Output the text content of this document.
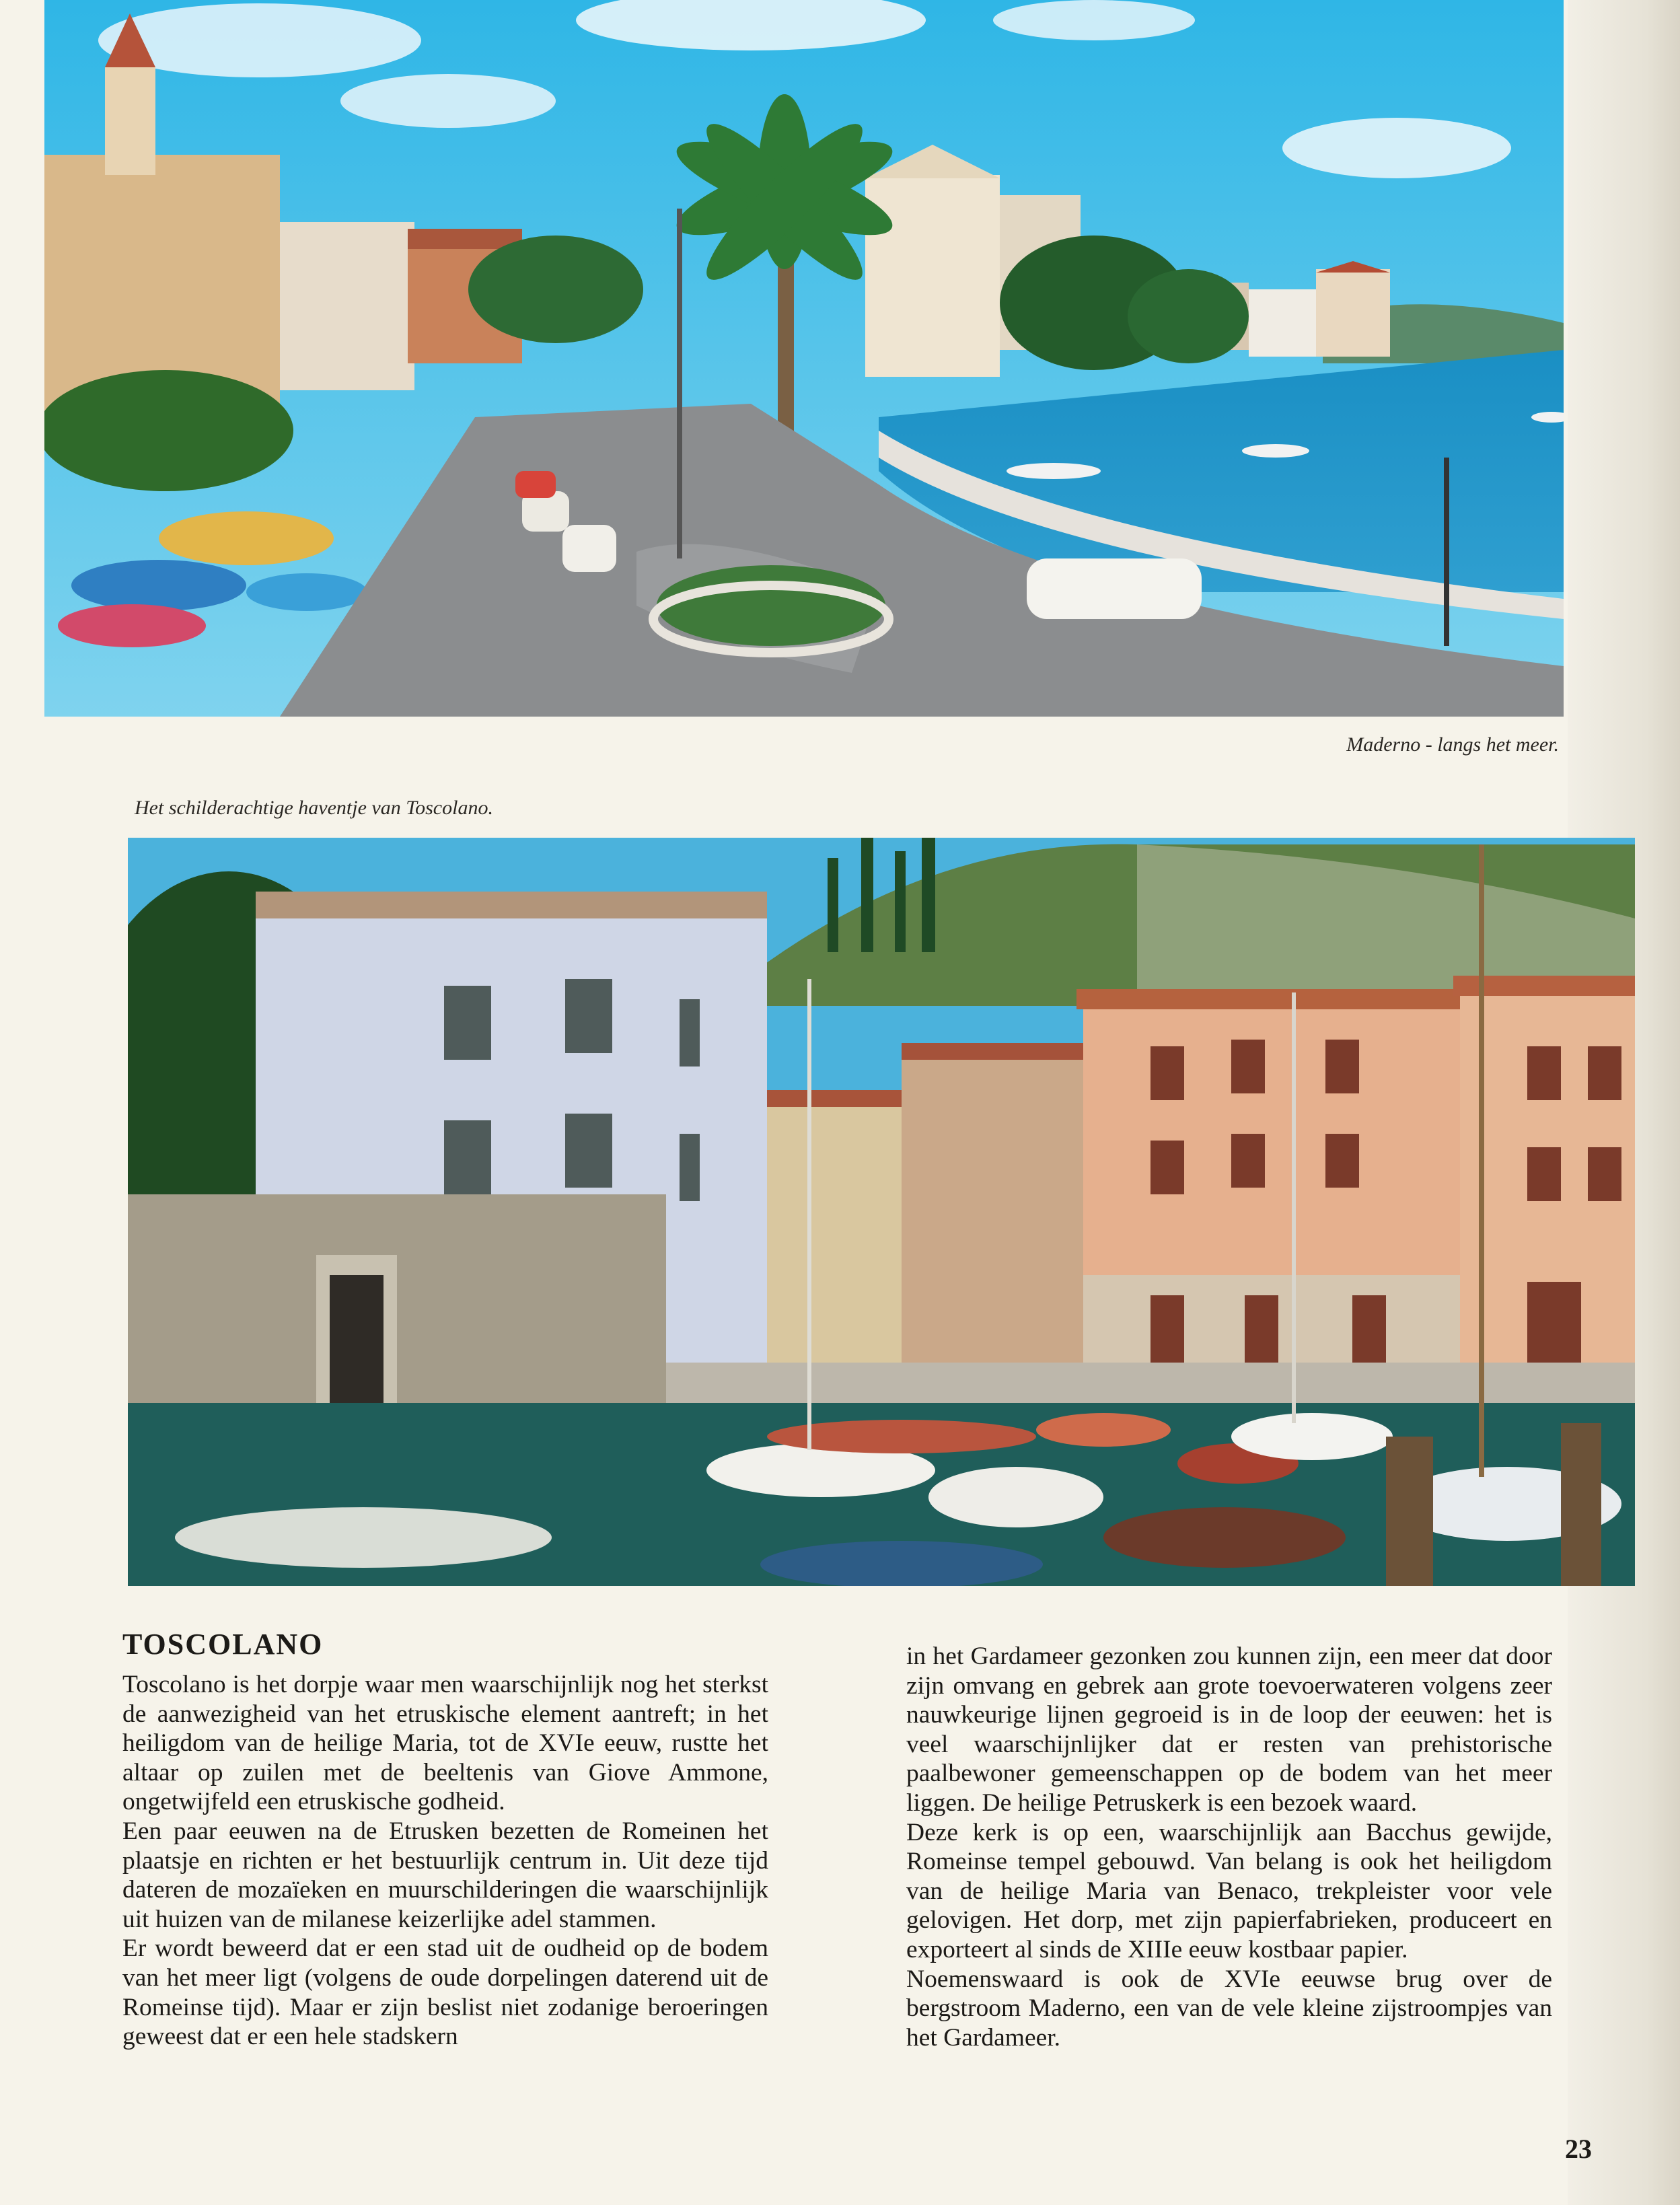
Maderno - langs het meer.
Het schilderachtige haventje van Toscolano.
TOSCOLANO

Toscolano is het dorpje waar men waarschijnlijk nog het sterkst de aanwezigheid van het etruskische element aantreft; in het heiligdom van de heilige Maria, tot de XVIe eeuw, rustte het altaar op zuilen met de beeltenis van Giove Ammone, ongetwijfeld een etruskische godheid.

Een paar eeuwen na de Etrusken bezetten de Romeinen het plaatsje en richten er het bestuurlijk centrum in. Uit deze tijd dateren de mozaïeken en muurschilderingen die waarschijnlijk uit huizen van de milanese keizerlijke adel stammen.

Er wordt beweerd dat er een stad uit de oudheid op de bodem van het meer ligt (volgens de oude dorpelingen daterend uit de Romeinse tijd). Maar er zijn beslist niet zodanige beroeringen geweest dat er een hele stadskern

in het Gardameer gezonken zou kunnen zijn, een meer dat door zijn omvang en gebrek aan grote toevoerwateren volgens zeer nauwkeurige lijnen gegroeid is in de loop der eeuwen: het is veel waarschijnlijker dat er resten van prehistorische paalbewoner gemeenschappen op de bodem van het meer liggen. De heilige Petruskerk is een bezoek waard.

Deze kerk is op een, waarschijnlijk aan Bacchus gewijde, Romeinse tempel gebouwd. Van belang is ook het heiligdom van de heilige Maria van Benaco, trekpleister voor vele gelovigen. Het dorp, met zijn papierfabrieken, produceert en exporteert al sinds de XIIIe eeuw kostbaar papier.

Noemenswaard is ook de XVIe eeuwse brug over de bergstroom Maderno, een van de vele kleine zijstroompjes van het Gardameer.

23
